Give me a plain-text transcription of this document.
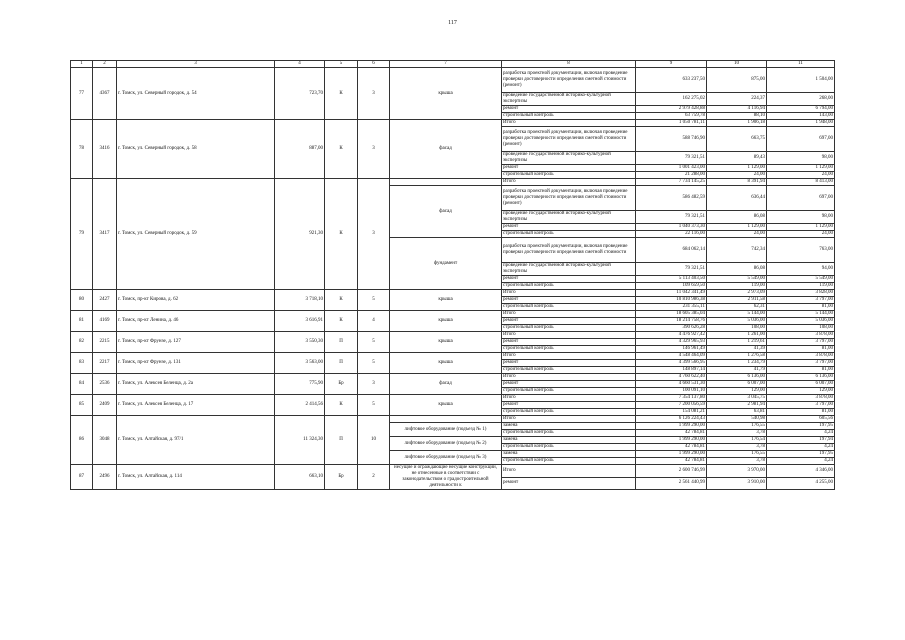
117
1	2	3	4	5	6	7	8	9	10	11
77	4367	г. Томск, ул. Северный городок, д. 54	723,70	К	3	крыша	разработка проектной документации, включая проведение проверки достоверности определения сметной стоимости (ремонт)	633 237,50	875,00	1 504,00
							проведение государственной историко-культурной экспертизы	162 275,02	224,37	268,00
							ремонт	2 979 428,88	4 116,94	6 794,00
							строительный контроль	63 759,78	88,10	143,00
78	3416	г. Томск, ул. Северный городок, д. 58	887,00	К	3	фасад	Итого	1 050 781,11	1 906,18	1 948,00
							разработка проектной документации, включая проведение проверки достоверности определения сметной стоимости (ремонт)	588 746,90	663,75	697,00
							проведение государственной историко-культурной экспертизы	79 321,51	89,43	98,00
							ремонт	1 001 423,00	1 129,00	1 129,00
							строительный контроль	21 288,00	24,00	24,00
79	3417	г. Томск, ул. Северный городок, д. 59	921,30	К	3		Итого	7 734 145,25	8 391,94	8 413,00
						фасад	разработка проектной документации, включая проведение проверки достоверности определения сметной стоимости (ремонт)	586 482,59	636,44	697,00
							проведение государственной историко-культурной экспертизы	79 321,51	86,08	98,00
							ремонт	1 040 373,30	1 129,00	1 129,00
							строительный контроль	22 116,00	24,00	24,00
						фундамент	разработка проектной документации, включая проведение проверки достоверности определения сметной стоимости	684 062,14	742,34	763,00
							проведение государственной историко-культурной экспертизы	79 321,51	86,08	94,00
							ремонт	5 113 403,50	5 549,00	5 549,00
							строительный контроль	109 659,50	119,00	119,00
80	2427	г. Томск, пр-кт Кирова, д. 62	3 718,10	К	5	крыша	Итого	11 042 341,49	2 973,09	3 828,00
							ремонт	10 810 986,38	2 911,58	3 797,00
							строительный контроль	231 355,11	62,31	81,00
81	4169	г. Томск, пр-кт Ленина, д. 46	3 616,91	К	4	крыша	Итого	18 605 385,04	5 144,00	5 144,00
							ремонт	18 214 758,76	5 036,00	5 036,00
							строительный контроль	390 626,28	108,00	108,00
82	2215	г. Томск, пр-кт Фрунзе, д. 127	3 550,30	П	5	крыша	Итого	4 476 927,42	1 261,00	3 878,00
							ремонт	4 329 965,93	1 219,61	3 797,00
							строительный контроль	146 961,49	41,39	81,00
83	2217	г. Томск, пр-кт Фрунзе, д. 131	3 563,00	П	5	крыша	Итого	4 548 464,09	1 276,58	3 878,00
							ремонт	4 399 566,95	1 234,79	3 797,00
							строительный контроль	148 897,14	41,79	81,00
84	2536	г. Томск, ул. Алексея Беленца, д. 2а	775,90	Бр	3	фасад	Итого	4 760 622,40	6 136,00	6 136,00
							ремонт	4 660 531,30	6 007,00	6 007,00
							строительный контроль	100 091,10	129,00	129,00
85	2409	г. Томск, ул. Алексея Беленца, д. 17	2 414,56	К	5	крыша	Итого	7 354 137,80	3 045,75	3 878,00
							ремонт	7 200 056,59	2 981,94	3 797,00
							строительный контроль	154 081,21	63,81	81,00
86	3048	г. Томск, ул. Алтайская, д. 97/1	11 324,30	П	10		Итого	6 126 224,43	540,98	605,56
						лифтовое оборудование (подъезд № 1)	замена	1 999 290,00	176,55	197,95
							строительный контроль	42 784,81	3,78	4,24
						лифтовое оборудование (подъезд № 2)	замена	1 999 290,00	176,54	197,94
							строительный контроль	42 784,81	3,78	4,24
						лифтовое оборудование (подъезд № 3)	замена	1 999 290,00	176,55	197,95
							строительный контроль	42 784,81	3,78	4,24
87	2496	г. Томск, ул. Алтайская, д. 114	663,10	Бр	2	несущие и ограждающие несущие конструкции, не отнесенные в соответствии с законодательством о градостроительной деятельности к	Итого	2 600 746,99	3 970,00	4 346,00
							ремонт	2 561 440,99	3 910,00	4 255,00
